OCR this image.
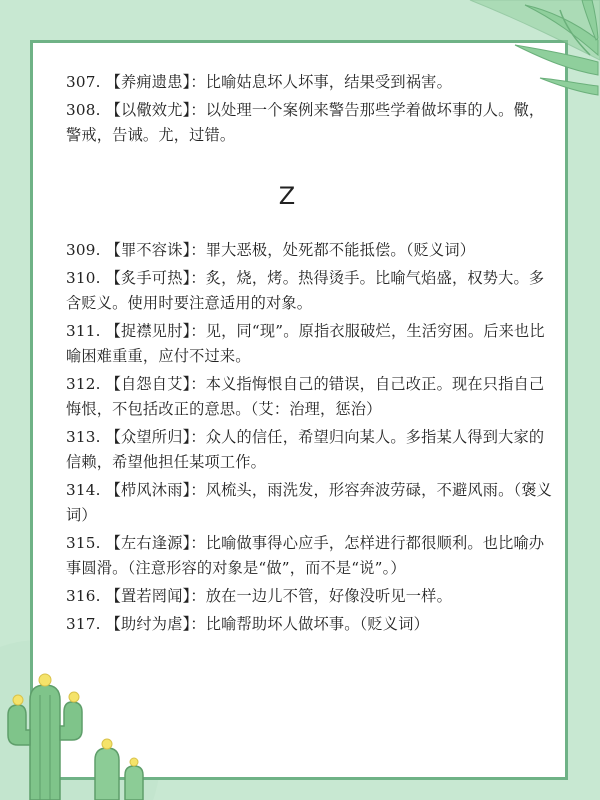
307. 【养痈遗患】：比喻姑息坏人坏事，结果受到祸害。
308. 【以儆效尤】：以处理一个案例来警告那些学着做坏事的人。儆，警戒，告诫。尤，过错。
Z
309. 【罪不容诛】：罪大恶极，处死都不能抵偿。（贬义词）
310. 【炙手可热】：炙，烧，烤。热得烫手。比喻气焰盛，权势大。多含贬义。使用时要注意适用的对象。
311. 【捉襟见肘】：见，同“现”。原指衣服破烂，生活穷困。后来也比喻困难重重，应付不过来。
312. 【自怨自艾】：本义指悔恨自己的错误，自己改正。现在只指自己悔恨，不包括改正的意思。（艾：治理，惩治）
313. 【众望所归】：众人的信任，希望归向某人。多指某人得到大家的信赖，希望他担任某项工作。
314. 【栉风沐雨】：风梳头，雨洗发，形容奔波劳碌，不避风雨。（褒义词）
315. 【左右逢源】：比喻做事得心应手，怎样进行都很顺利。也比喻办事圆滑。（注意形容的对象是“做”，而不是“说”。）
316. 【置若罔闻】：放在一边儿不管，好像没听见一样。
317. 【助纣为虐】：比喻帮助坏人做坏事。（贬义词）
